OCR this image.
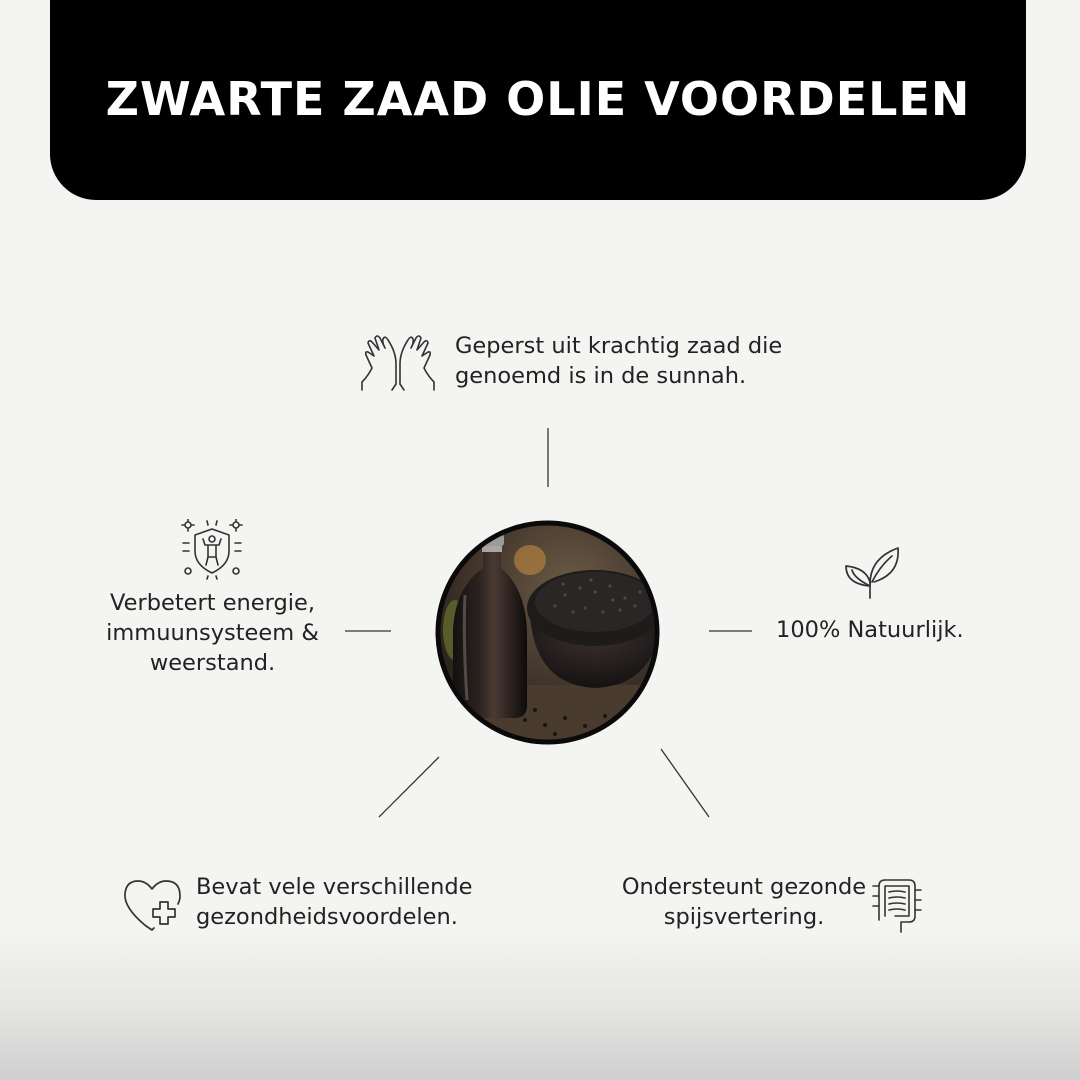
ZWARTE ZAAD OLIE VOORDELEN
Geperst uit krachtig zaad die
genoemd is in de sunnah.
Verbetert energie,
immuunsysteem &
weerstand.
100% Natuurlijk.
Bevat vele verschillende
gezondheidsvoordelen.
Ondersteunt gezonde
spijsvertering.
